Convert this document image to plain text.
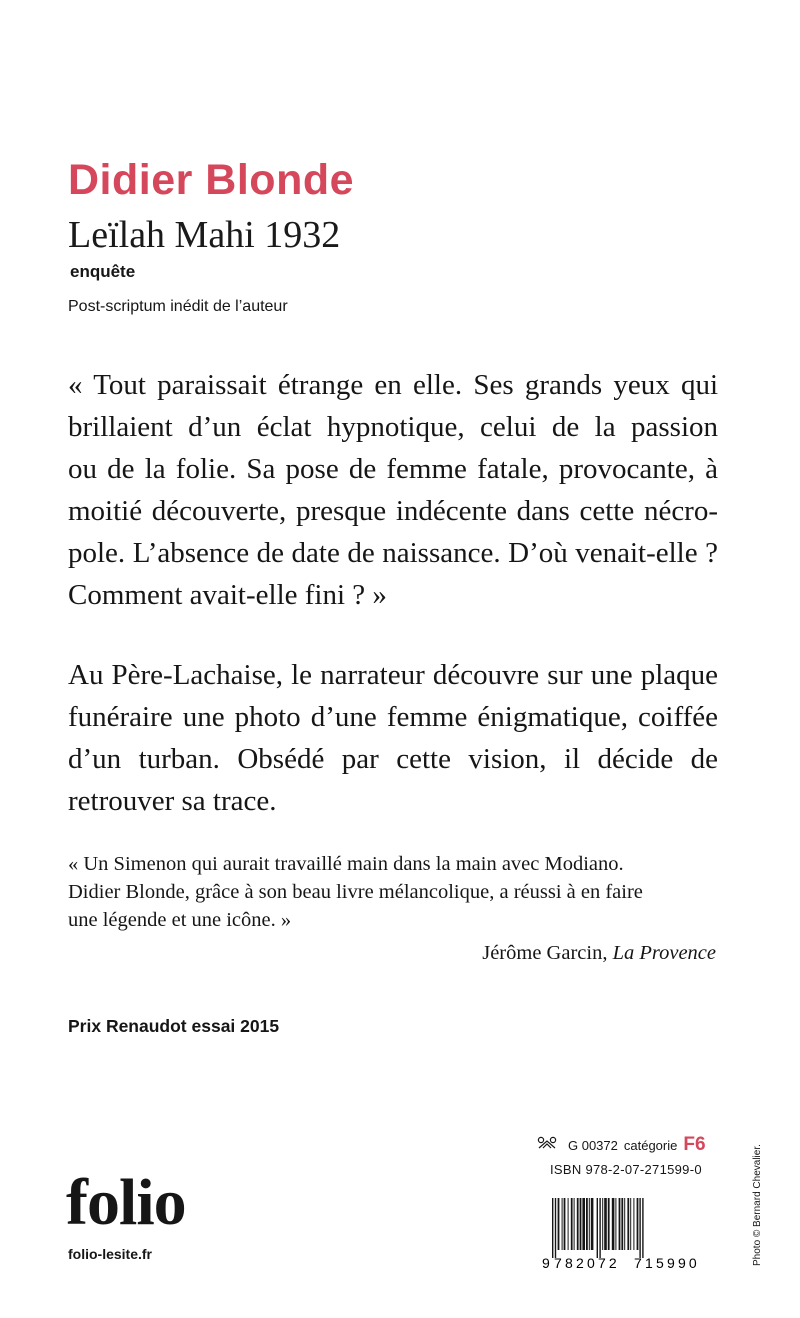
Didier Blonde
Leïlah Mahi 1932
enquête
Post-scriptum inédit de l’auteur
« Tout paraissait étrange en elle. Ses grands yeux qui
brillaient d’un éclat hypnotique, celui de la passion
ou de la folie. Sa pose de femme fatale, provocante, à
moitié découverte, presque indécente dans cette nécro-
pole. L’absence de date de naissance. D’où venait-elle ?
Comment avait-elle fini ? »
Au Père-Lachaise, le narrateur découvre sur une plaque
funéraire une photo d’une femme énigmatique, coiffée
d’un turban. Obsédé par cette vision, il décide de
retrouver sa trace.
« Un Simenon qui aurait travaillé main dans la main avec Modiano.
Didier Blonde, grâce à son beau livre mélancolique, a réussi à en faire
une légende et une icône. »
Jérôme Garcin, La Provence
Prix Renaudot essai 2015
folio
folio-lesite.fr
G 00372 catégorie F6
ISBN 978-2-07-271599-0
9 782072 715990	Photo © Bernard Chevalier.
